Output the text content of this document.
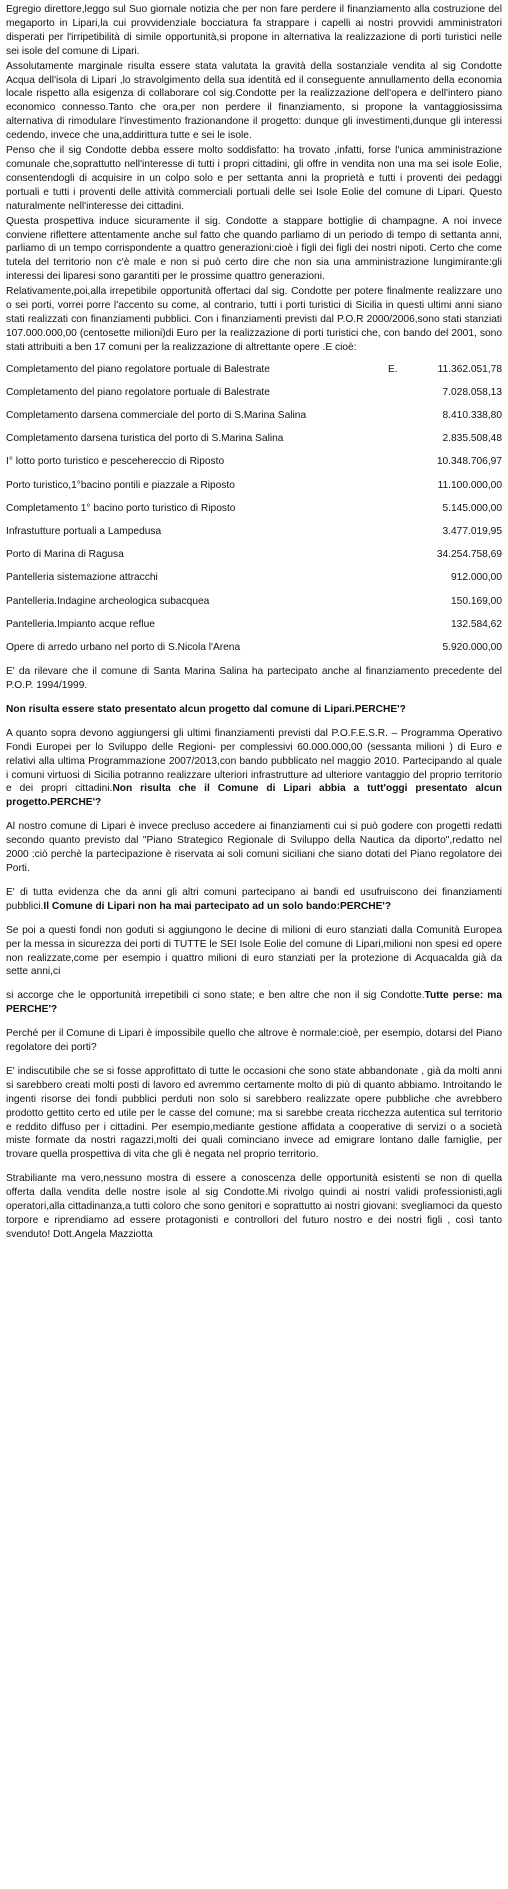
Egregio direttore,leggo sul Suo giornale notizia che per non fare perdere il finanziamento alla costruzione del megaporto in Lipari,la cui provvidenziale bocciatura fa strappare i capelli ai nostri provvidi amministratori disperati per l'irripetibilità di simile opportunità,si propone in alternativa la realizzazione di porti turistici nelle sei isole del comune di Lipari.

Assolutamente marginale risulta essere stata valutata la gravità della sostanziale vendita al sig Condotte Acqua dell'isola di Lipari ,lo stravolgimento della sua identità ed il conseguente annullamento della economia locale rispetto alla esigenza di collaborare col sig.Condotte per la realizzazione dell'opera e dell'intero piano economico connesso.Tanto che ora,per non perdere il finanziamento, si propone la vantaggiosissima alternativa di rimodulare l'investimento frazionandone il progetto: dunque gli investimenti,dunque gli interessi cedendo, invece che una,addirittura tutte e sei le isole.

Penso che il sig Condotte debba essere molto soddisfatto: ha trovato ,infatti, forse l'unica amministrazione comunale che,soprattutto nell'interesse di tutti i propri cittadini, gli offre in vendita non una ma sei isole Eolie, consentendogli di acquisire in un colpo solo e per settanta anni la proprietà e tutti i proventi dei pedaggi portuali e tutti i proventi delle attività commerciali portuali delle sei Isole Eolie del comune di Lipari. Questo naturalmente nell'interesse dei cittadini.

Questa prospettiva induce sicuramente il sig. Condotte a stappare bottiglie di champagne. A noi invece conviene riflettere attentamente anche sul fatto che quando parliamo di un periodo di tempo di settanta anni, parliamo di un tempo corrispondente a quattro generazioni:cioè i figli dei figli dei nostri nipoti. Certo che come tutela del territorio non c'è male e non si può certo dire che non sia una amministrazione lungimirante:gli interessi dei liparesi sono garantiti per le prossime quattro generazioni.

Relativamente,poi,alla irrepetibile opportunità offertaci dal sig. Condotte per potere finalmente realizzare uno o sei porti, vorrei porre l'accento su come, al contrario, tutti i porti turistici di Sicilia in questi ultimi anni siano stati realizzati con finanziamenti pubblici. Con i finanziamenti previsti dal P.O.R 2000/2006,sono stati stanziati 107.000.000,00 (centosette milioni)di Euro per la realizzazione di porti turistici che, con bando del 2001, sono stati attribuiti a ben 17 comuni per la realizzazione di altrettante opere .E cioè:

Completamento del piano regolatore portuale di Balestrate	E.	11.362.051,78
Completamento del piano regolatore portuale di Balestrate	7.028.058,13
Completamento darsena commerciale del porto di S.Marina Salina	8.410.338,80
Completamento darsena turistica del porto di S.Marina Salina	2.835.508,48
I° lotto porto turistico e pescehereccio di Riposto	10.348.706,97
Porto turistico,1°bacino pontili e piazzale a Riposto	11.100.000,00
Completamento 1° bacino porto turistico di Riposto	5.145.000,00
Infrastutture portuali a Lampedusa	3.477.019,95
Porto di Marina di Ragusa	34.254.758,69
Pantelleria sistemazione attracchi	912.000,00
Pantelleria.Indagine archeologica subacquea	150.169,00
Pantelleria.Impianto acque reflue	132.584,62
Opere di arredo urbano nel porto di S.Nicola l'Arena	5.920.000,00

E' da rilevare che il comune di Santa Marina Salina ha partecipato anche al finanziamento precedente del P.O.P. 1994/1999.

Non risulta essere stato presentato alcun progetto dal comune di Lipari.PERCHE'?

A quanto sopra devono aggiungersi gli ultimi finanziamenti previsti dal P.O.F.E.S.R. – Programma Operativo Fondi Europei per lo Sviluppo delle Regioni- per complessivi 60.000.000,00 (sessanta milioni ) di Euro e relativi alla ultima Programmazione 2007/2013,con bando pubblicato nel maggio 2010. Partecipando al quale i comuni virtuosi di Sicilia potranno realizzare ulteriori infrastrutture ad ulteriore vantaggio del proprio territorio e dei propri cittadini.Non risulta che il Comune di Lipari abbia a tutt'oggi presentato alcun progetto.PERCHE'?

Al nostro comune di Lipari è invece precluso accedere ai finanziamenti cui si può godere con progetti redatti secondo quanto previsto dal "Piano Strategico Regionale di Sviluppo della Nautica da diporto",redatto nel 2000 :ciò perchè la partecipazione è riservata ai soli comuni siciliani che siano dotati del Piano regolatore dei Porti.

E' di tutta evidenza che da anni gli altri comuni partecipano ai bandi ed usufruiscono dei finanziamenti pubblici.Il Comune di Lipari non ha mai partecipato ad un solo bando:PERCHE'?

Se poi a questi fondi non goduti si aggiungono le decine di milioni di euro stanziati dalla Comunità Europea per la messa in sicurezza dei porti di TUTTE le SEI Isole Eolie del comune di Lipari,milioni non spesi ed opere non realizzate,come per esempio i quattro milioni di euro stanziati per la protezione di Acquacalda già da sette anni,ci

si accorge che le opportunità irrepetibili ci sono state; e ben altre che non il sig Condotte.Tutte perse: ma PERCHE'?

Perché per il Comune di Lipari è impossibile quello che altrove è normale:cioè, per esempio, dotarsi del Piano regolatore dei porti?

E' indiscutibile che se si fosse approfittato di tutte le occasioni che sono state abbandonate , già da molti anni si sarebbero creati molti posti di lavoro ed avremmo certamente molto di più di quanto abbiamo. Introitando le ingenti risorse dei fondi pubblici perduti non solo si sarebbero realizzate opere pubbliche che avrebbero prodotto gettito certo ed utile per le casse del comune; ma si sarebbe creata ricchezza autentica sul territorio e reddito diffuso per i cittadini. Per esempio,mediante gestione affidata a cooperative di servizi o a società miste formate da nostri ragazzi,molti dei quali cominciano invece ad emigrare lontano dalle famiglie, per trovare quella prospettiva di vita che gli è negata nel proprio territorio.

Strabiliante ma vero,nessuno mostra di essere a conoscenza delle opportunità esistenti se non di quella offerta dalla vendita delle nostre isole al sig Condotte.Mi rivolgo quindi ai nostri validi professionisti,agli operatori,alla cittadinanza,a tutti coloro che sono genitori e soprattutto ai nostri giovani: svegliamoci da questo torpore e riprendiamo ad essere protagonisti e controllori del futuro nostro e dei nostri figli , così tanto svenduto! Dott.Angela Mazziotta
